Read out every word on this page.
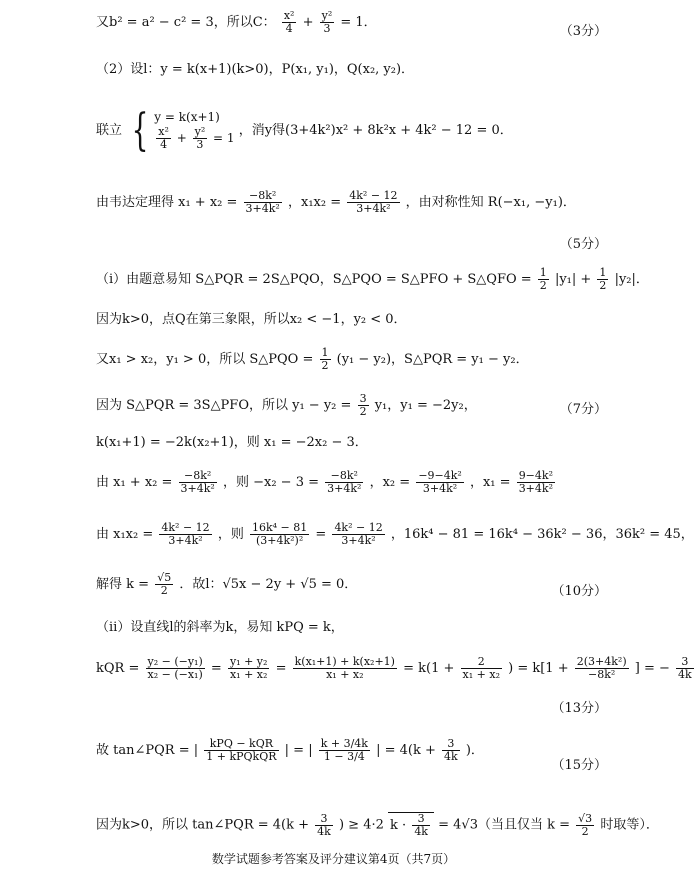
又b² = a² − c² = 3，所以C： $\frac{\text{x²}}{4} + \frac{\text{y²}}{3} = 1$．
（3分）
（2）设l：y = k(x+1)(k>0)，P(x₁, y₁)，Q(x₂, y₂)．
联立 { y = k(x+1)
$\frac{\text{x²}}{4} + \frac{\text{y²}}{3} = 1$ ，消y得(3+4k²)x² + 8k²x + 4k² − 12 = 0．
由韦达定理得 $x_1 + x_2 = \frac{\text{−8k²}}{\text{3+4k²}}$ ，$x_1x_2 = \frac{\text{4k² − 12}}{\text{3+4k²}}$ ，由对称性知 R(−x₁, −y₁)．
（5分）
（ⅰ）由题意易知 S△PQR = 2S△PQO，S△PQO = S△PFO + S△QFO = $\frac{1}{2} |y_1| + \frac{1}{2} |y_2|$．
因为k>0，点Q在第三象限，所以x₂ < −1，y₂ < 0．
又x₁ > x₂，y₁ > 0，所以 S△PQO = $\frac{1}{2} (y_1 - y_2)$，S△PQR = y₁ − y₂．
因为 S△PQR = 3S△PFO，所以 $y_1 - y_2 = \frac{3}{2} y_1$，y₁ = −2y₂，	（7分）
k(x₁+1) = −2k(x₂+1)，则 x₁ = −2x₂ − 3．
由 $x_1 + x_2 = \frac{\text{−8k²}}{\text{3+4k²}}$ ，则 $-x_2 - 3 = \frac{\text{−8k²}}{\text{3+4k²}}$ ，$x_2 = \frac{\text{−9−4k²}}{\text{3+4k²}}$ ，$x_1 = \frac{\text{9−4k²}}{\text{3+4k²}}$
由 $x_1x_2 = \frac{\text{4k² − 12}}{\text{3+4k²}}$ ，则 $\frac{\text{16k⁴ − 81}}{\text{(3+4k²)²}} = \frac{\text{4k² − 12}}{\text{3+4k²}}$ ，16k⁴ − 81 = 16k⁴ − 36k² − 36，36k² = 45，
解得 $k = \frac{√5}{2}$ ．故l：√5x − 2y + √5 = 0．	（10分）
（ⅱ）设直线l的斜率为k，易知 kPQ = k，
kQR = $\frac{\text{y₂ − (−y₁)}}{\text{x₂ − (−x₁)}} = \frac{\text{y₁ + y₂}}{\text{x₁ + x₂}} = \frac{\text{k(x₁+1) + k(x₂+1)}}{\text{x₁ + x₂}} = k(1 + \frac{2}{\text{x₁ + x₂}}$ ) = $k[1 + \frac{\text{2(3+4k²)}}{\text{−8k²}}$ ] = − $\frac{3}{4k}$
（13分）
故 tan∠PQR = | $\frac{\text{kPQ − kQR}}{\text{1 + kPQkQR}}$ | = | $\frac{k + 3/4k}{1 - 3/4}$ | = $4(k + \frac{3}{4k}$ )．
（15分）
因为k>0，所以 tan∠PQR = $4(k + \frac{3}{4k}$ ) ≥ 4·2 $k \cdot \frac{3}{4k} = 4√3$（当且仅当 $k = \frac{√3}{2}$ 时取等）．
数学试题参考答案及评分建议第4页（共7页）
